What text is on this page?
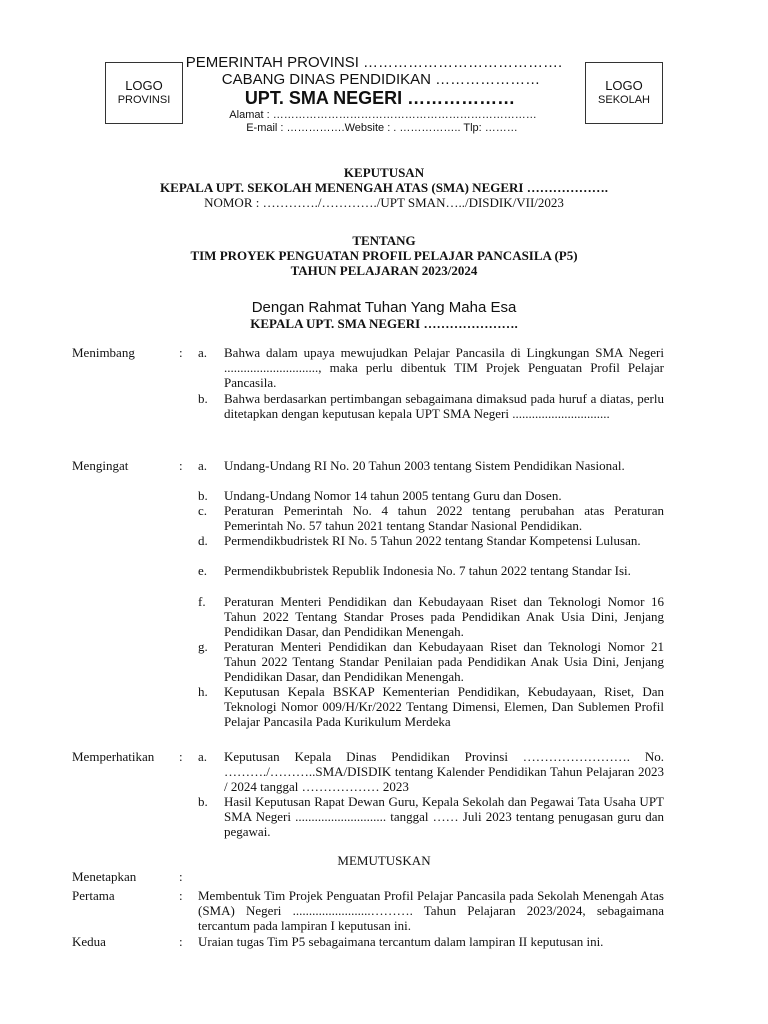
LOGO
PROVINSI
LOGO
SEKOLAH
PEMERINTAH PROVINSI ………………………………….
CABANG DINAS PENDIDIKAN …………………
UPT. SMA NEGERI ………………
Alamat : ………………………………………………………………
E-mail : …………….Website : . …………….. Tlp: ………
KEPUTUSAN
KEPALA UPT. SEKOLAH MENENGAH ATAS (SMA) NEGERI ……………….
NOMOR : …………./…………./UPT SMAN…../DISDIK/VII/2023
TENTANG
TIM PROYEK PENGUATAN PROFIL PELAJAR PANCASILA (P5)
TAHUN PELAJARAN 2023/2024
Dengan Rahmat Tuhan Yang Maha Esa
KEPALA UPT. SMA NEGERI ………………….
Menimbang	: a. Bahwa dalam upaya mewujudkan Pelajar Pancasila di Lingkungan SMA Negeri ............................., maka perlu dibentuk TIM Projek Penguatan Profil Pelajar Pancasila.
b. Bahwa berdasarkan pertimbangan sebagaimana dimaksud pada huruf a diatas, perlu ditetapkan dengan keputusan kepala UPT SMA Negeri ..............................
Mengingat	: a. Undang-Undang RI No. 20 Tahun 2003 tentang Sistem Pendidikan Nasional.
b. Undang-Undang Nomor 14 tahun 2005 tentang Guru dan Dosen.
c. Peraturan Pemerintah No. 4 tahun 2022 tentang perubahan atas Peraturan Pemerintah No. 57 tahun 2021 tentang Standar Nasional Pendidikan.
d. Permendikbudristek RI No. 5 Tahun 2022 tentang Standar Kompetensi Lulusan.
e. Permendikbubristek Republik Indonesia No. 7 tahun 2022 tentang Standar Isi.
f. Peraturan Menteri Pendidikan dan Kebudayaan Riset dan Teknologi Nomor 16 Tahun 2022 Tentang Standar Proses pada Pendidikan Anak Usia Dini, Jenjang Pendidikan Dasar, dan Pendidikan Menengah.
g. Peraturan Menteri Pendidikan dan Kebudayaan Riset dan Teknologi Nomor 21 Tahun 2022 Tentang Standar Penilaian pada Pendidikan Anak Usia Dini, Jenjang Pendidikan Dasar, dan Pendidikan Menengah.
h. Keputusan Kepala BSKAP Kementerian Pendidikan, Kebudayaan, Riset, Dan Teknologi Nomor 009/H/Kr/2022 Tentang Dimensi, Elemen, Dan Sublemen Profil Pelajar Pancasila Pada Kurikulum Merdeka
Memperhatikan : a. Keputusan Kepala Dinas Pendidikan Provinsi ……………………. No. ………./………..SMA/DISDIK tentang Kalender Pendidikan Tahun Pelajaran 2023 / 2024 tanggal ……………… 2023
b. Hasil Keputusan Rapat Dewan Guru, Kepala Sekolah dan Pegawai Tata Usaha UPT SMA Negeri ............................ tanggal …… Juli 2023 tentang penugasan guru dan pegawai.
MEMUTUSKAN
Menetapkan	:
Pertama	: Membentuk Tim Projek Penguatan Profil Pelajar Pancasila pada Sekolah Menengah Atas (SMA) Negeri ........................………. Tahun Pelajaran 2023/2024, sebagaimana tercantum pada lampiran I keputusan ini.
Kedua	: Uraian tugas Tim P5 sebagaimana tercantum dalam lampiran II keputusan ini.
